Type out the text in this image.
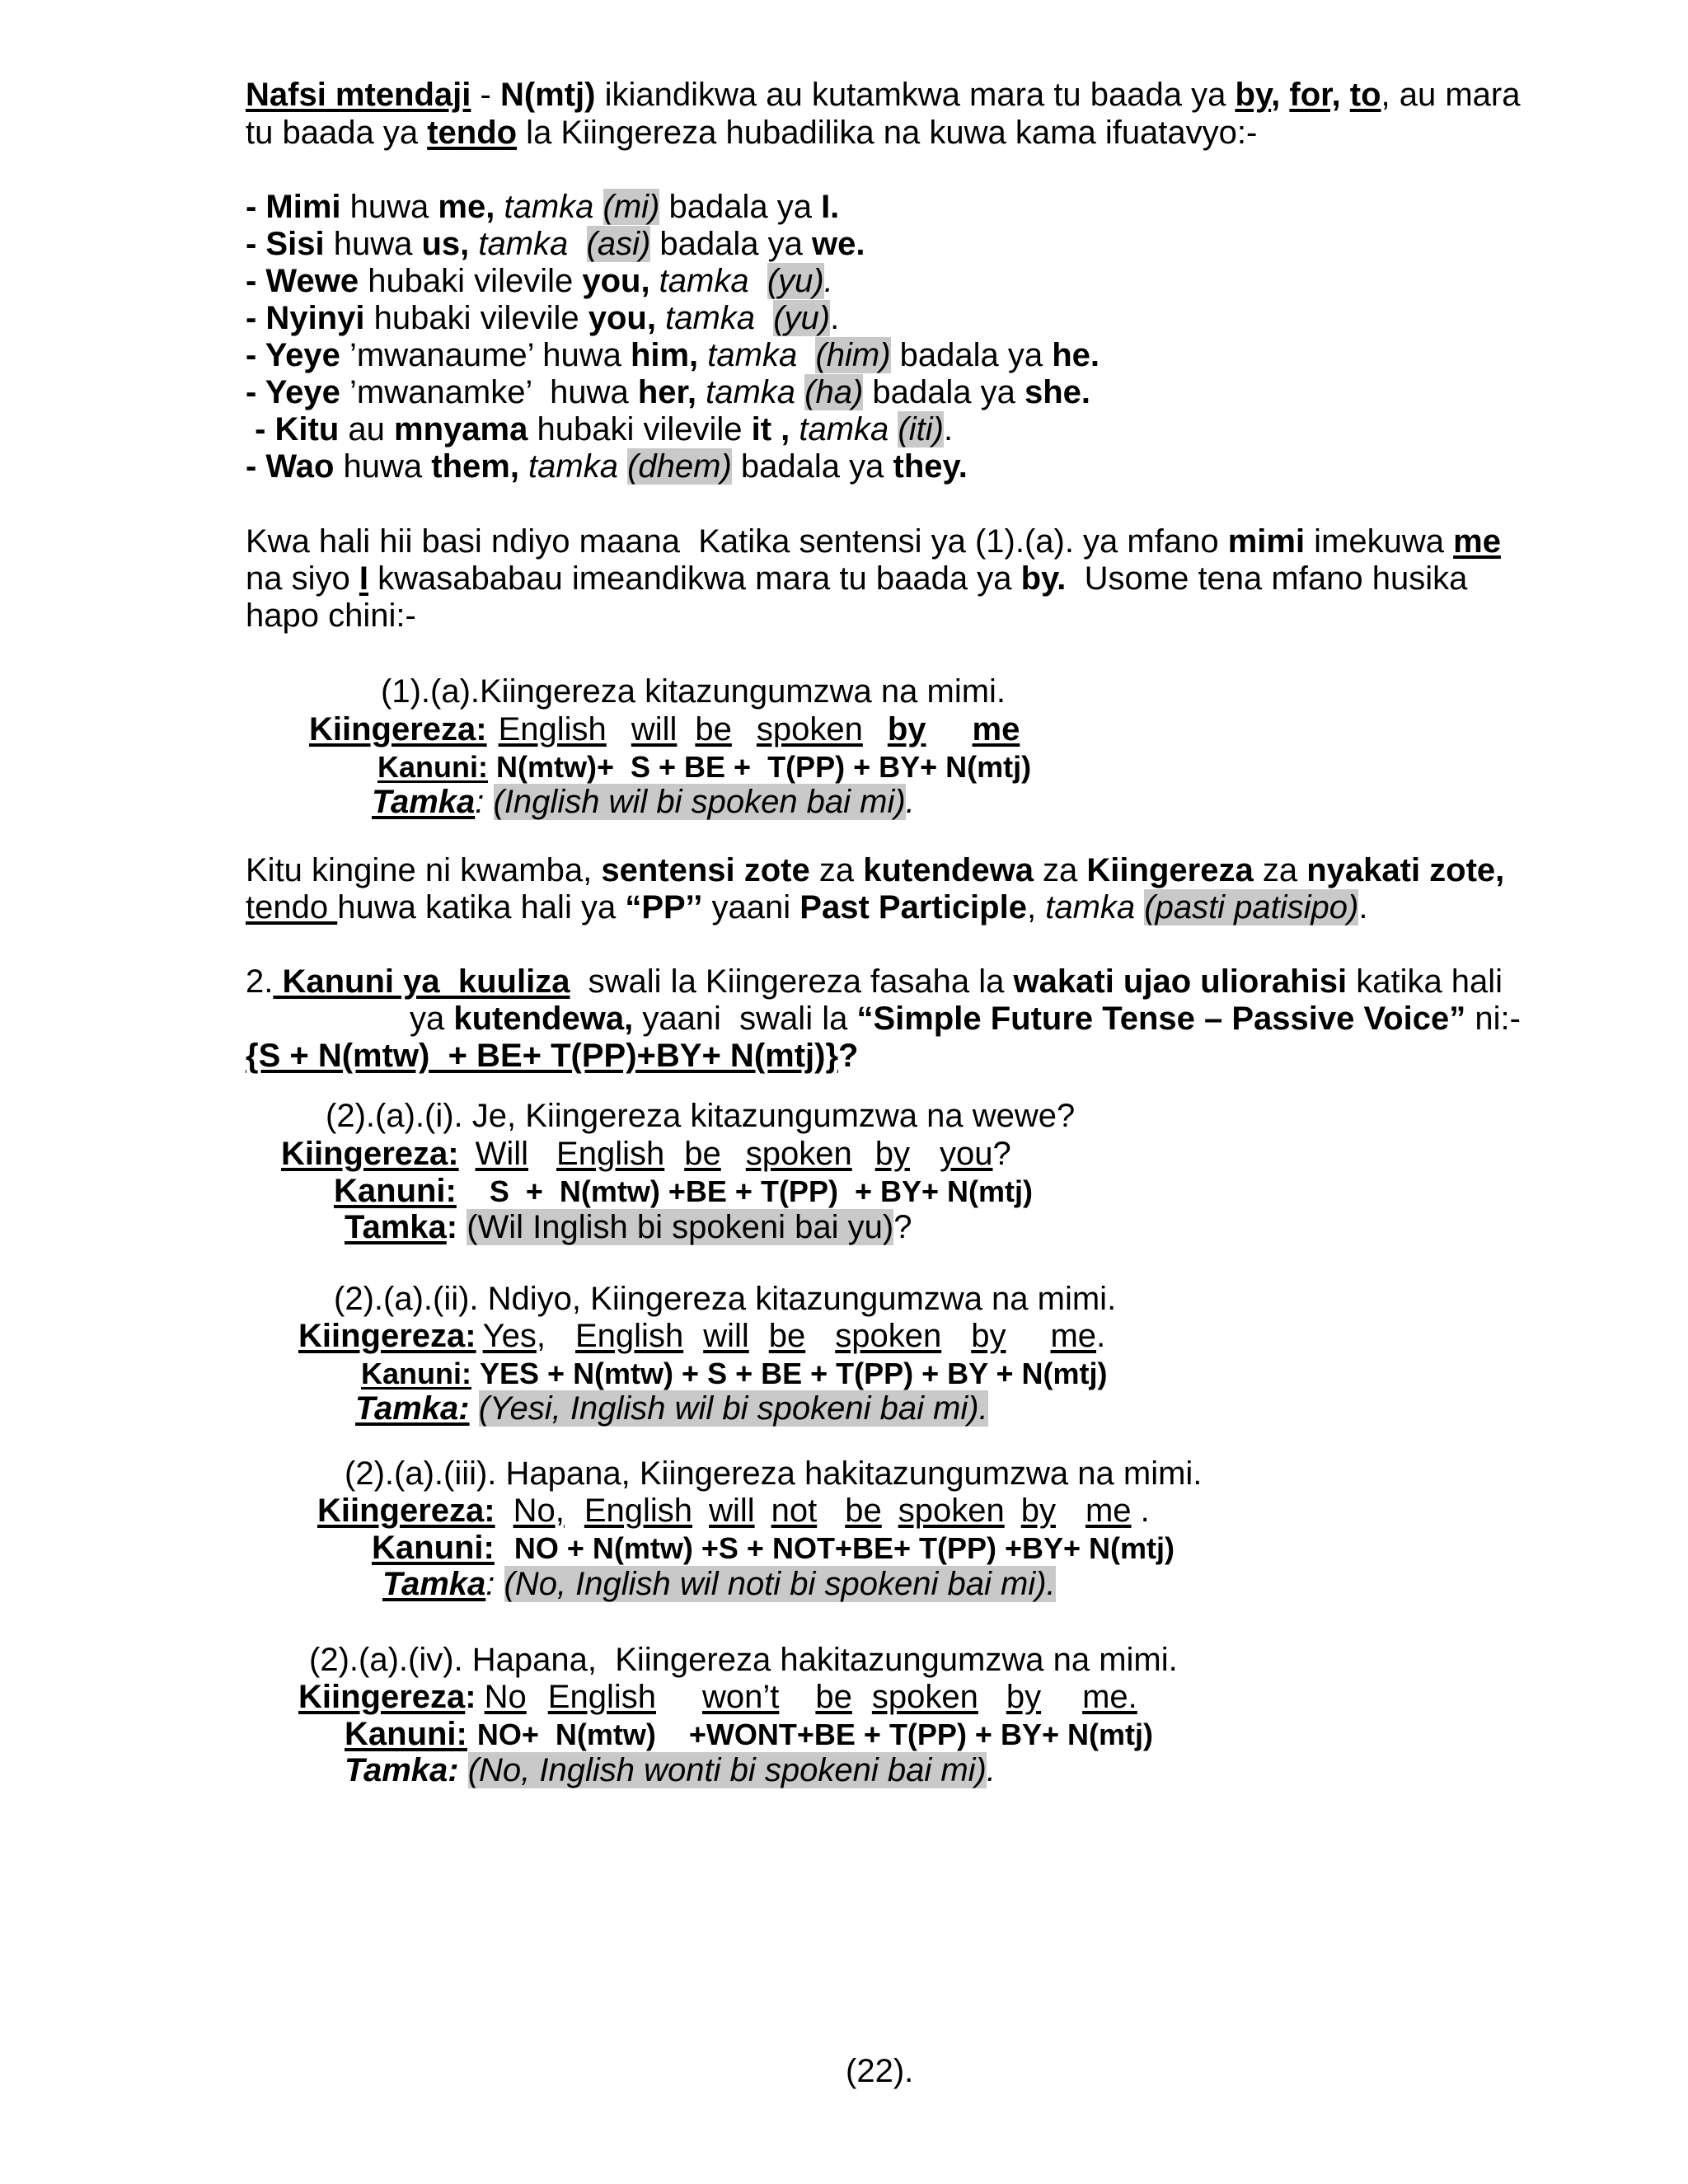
Nafsi mtendaji - N(mtj) ikiandikwa au kutamkwa mara tu baada ya by, for, to, au mara
tu baada ya tendo la Kiingereza hubadilika na kuwa kama ifuatavyo:-
- Mimi huwa me, tamka (mi) badala ya I.
- Sisi huwa us, tamka  (asi) badala ya we.
- Wewe hubaki vilevile you, tamka  (yu).
- Nyinyi hubaki vilevile you, tamka  (yu).
- Yeye ’mwanaume’ huwa him, tamka  (him) badala ya he.
- Yeye ’mwanamke’  huwa her, tamka (ha) badala ya she.
- Kitu au mnyama hubaki vilevile it , tamka (iti).
- Wao huwa them, tamka (dhem) badala ya they.
Kwa hali hii basi ndiyo maana  Katika sentensi ya (1).(a). ya mfano mimi imekuwa me
na siyo I kwasababau imeandikwa mara tu baada ya by.  Usome tena mfano husika
hapo chini:-
(1).(a).Kiingereza kitazungumzwa na mimi.
Kiingereza: English will be spoken by me
Kanuni: N(mtw)+  S + BE +  T(PP) + BY+ N(mtj)
Tamka: (Inglish wil bi spoken bai mi).
Kitu kingine ni kwamba, sentensi zote za kutendewa za Kiingereza za nyakati zote,
tendo huwa katika hali ya “PP’’ yaani Past Participle, tamka (pasti patisipo).
2. Kanuni ya  kuuliza  swali la Kiingereza fasaha la wakati ujao uliorahisi katika hali
ya kutendewa, yaani  swali la “Simple Future Tense – Passive Voice” ni:-
{S + N(mtw)  + BE+ T(PP)+BY+ N(mtj)}?
(2).(a).(i). Je, Kiingereza kitazungumzwa na wewe?
Kiingereza: Will English be spoken by you?
Kanuni: S  +  N(mtw) +BE + T(PP)  + BY+ N(mtj)
Tamka: (Wil Inglish bi spokeni bai yu)?
(2).(a).(ii). Ndiyo, Kiingereza kitazungumzwa na mimi.
Kiingereza: Yes, English will be spoken by me.
Kanuni: YES + N(mtw) + S + BE + T(PP) + BY + N(mtj)
Tamka: (Yesi, Inglish wil bi spokeni bai mi).
(2).(a).(iii). Hapana, Kiingereza hakitazungumzwa na mimi.
Kiingereza: No, English will not be spoken by me .
Kanuni: NO + N(mtw) +S + NOT+BE+ T(PP) +BY+ N(mtj)
Tamka: (No, Inglish wil noti bi spokeni bai mi).
(2).(a).(iv). Hapana,  Kiingereza hakitazungumzwa na mimi.
Kiingereza: No English won’t be spoken by me.
Kanuni: NO+  N(mtw)    +WONT+BE + T(PP) + BY+ N(mtj)
Tamka: (No, Inglish wonti bi spokeni bai mi).
(22).
